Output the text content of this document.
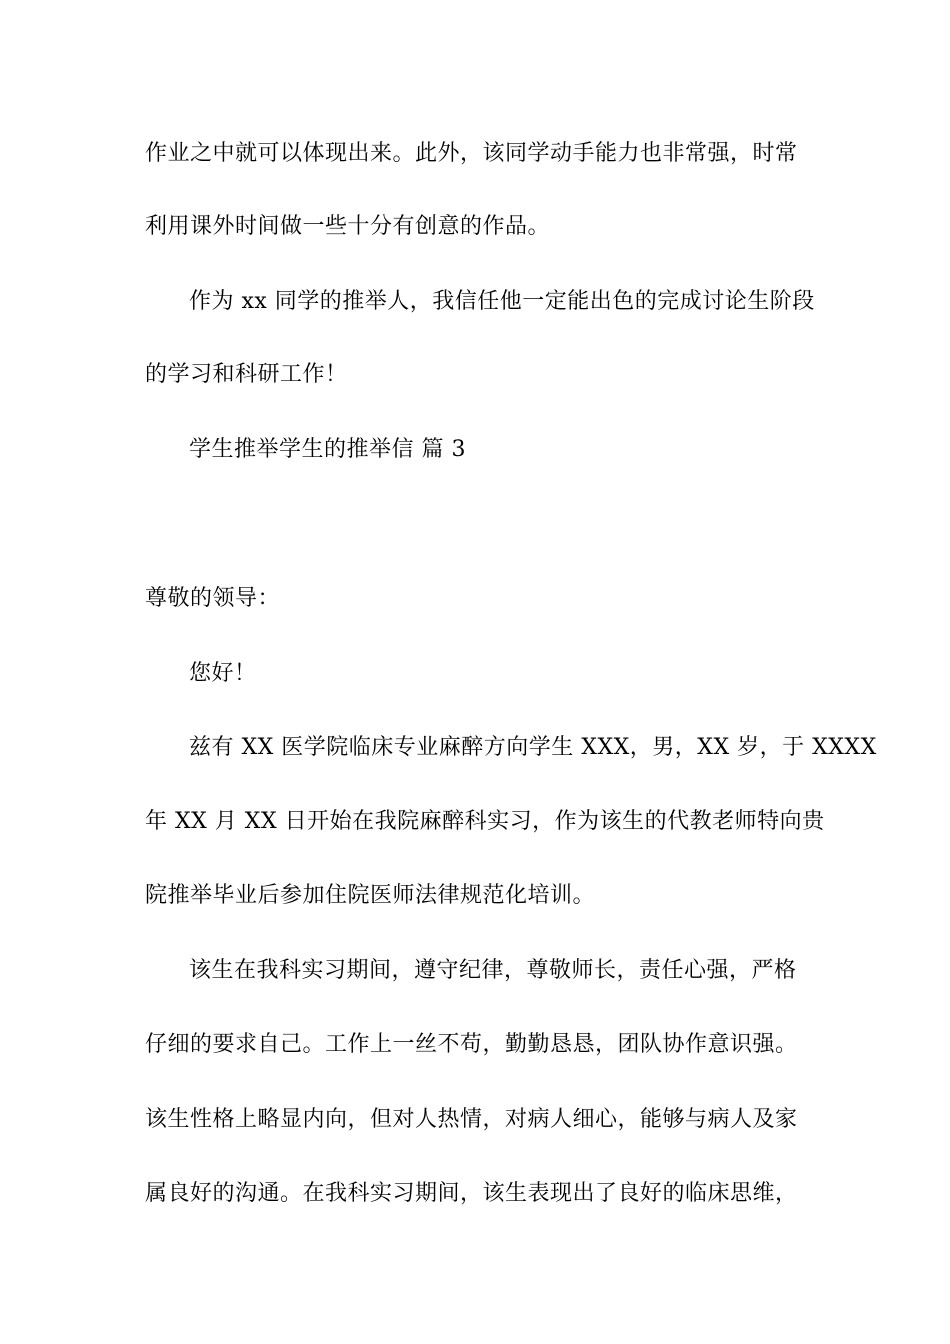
作业之中就可以体现出来。此外，该同学动手能力也非常强，时常
利用课外时间做一些十分有创意的作品。
作为 xx 同学的推举人，我信任他一定能出色的完成讨论生阶段
的学习和科研工作！
学生推举学生的推举信 篇 3
尊敬的领导：
您好！
兹有 XX 医学院临床专业麻醉方向学生 XXX，男，XX 岁，于 XXXX
年 XX 月 XX 日开始在我院麻醉科实习，作为该生的代教老师特向贵
院推举毕业后参加住院医师法律规范化培训。
该生在我科实习期间，遵守纪律，尊敬师长，责任心强，严格
仔细的要求自己。工作上一丝不苟，勤勤恳恳，团队协作意识强。
该生性格上略显内向，但对人热情，对病人细心，能够与病人及家
属良好的沟通。在我科实习期间，该生表现出了良好的临床思维，
